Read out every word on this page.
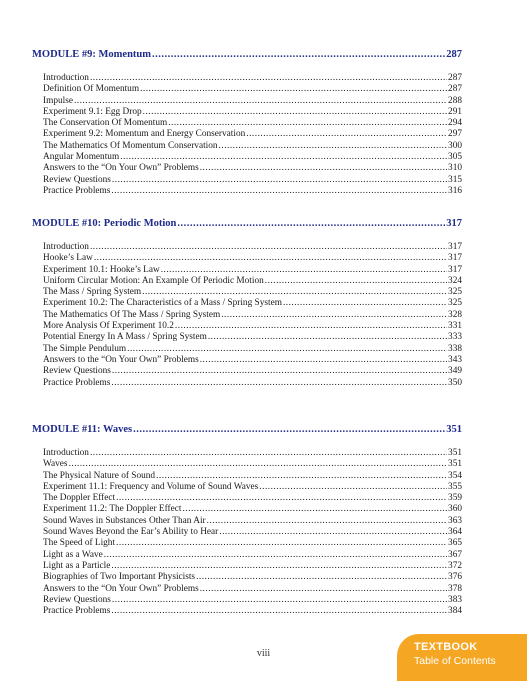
MODULE #9: Momentum .....	287
Introduction .....	287
Definition Of Momentum .....	287
Impulse .....	288
Experiment 9.1: Egg Drop .....	291
The Conservation Of Momentum .....	294
Experiment 9.2: Momentum and Energy Conservation .....	297
The Mathematics Of Momentum Conservation .....	300
Angular Momentum .....	305
Answers to the “On Your Own” Problems .....	310
Review Questions .....	315
Practice Problems .....	316
MODULE #10: Periodic Motion .....	317
Introduction .....	317
Hooke’s Law .....	317
Experiment 10.1: Hooke’s Law .....	317
Uniform Circular Motion: An Example Of Periodic Motion .....	324
The Mass / Spring System .....	325
Experiment 10.2: The Characteristics of a Mass / Spring System .....	325
The Mathematics Of The Mass / Spring System .....	328
More Analysis Of Experiment 10.2 .....	331
Potential Energy In A Mass / Spring System .....	333
The Simple Pendulum .....	338
Answers to the “On Your Own” Problems .....	343
Review Questions .....	349
Practice Problems .....	350
MODULE #11: Waves .....	351
Introduction .....	351
Waves .....	351
The Physical Nature of Sound .....	354
Experiment 11.1: Frequency and Volume of Sound Waves .....	355
The Doppler Effect .....	359
Experiment 11.2: The Doppler Effect .....	360
Sound Waves in Substances Other Than Air .....	363
Sound Waves Beyond the Ear’s Ability to Hear .....	364
The Speed of Light .....	365
Light as a Wave .....	367
Light as a Particle .....	372
Biographies of Two Important Physicists .....	376
Answers to the “On Your Own” Problems .....	378
Review Questions .....	383
Practice Problems .....	384
viii
TEXTBOOK
Table of Contents
